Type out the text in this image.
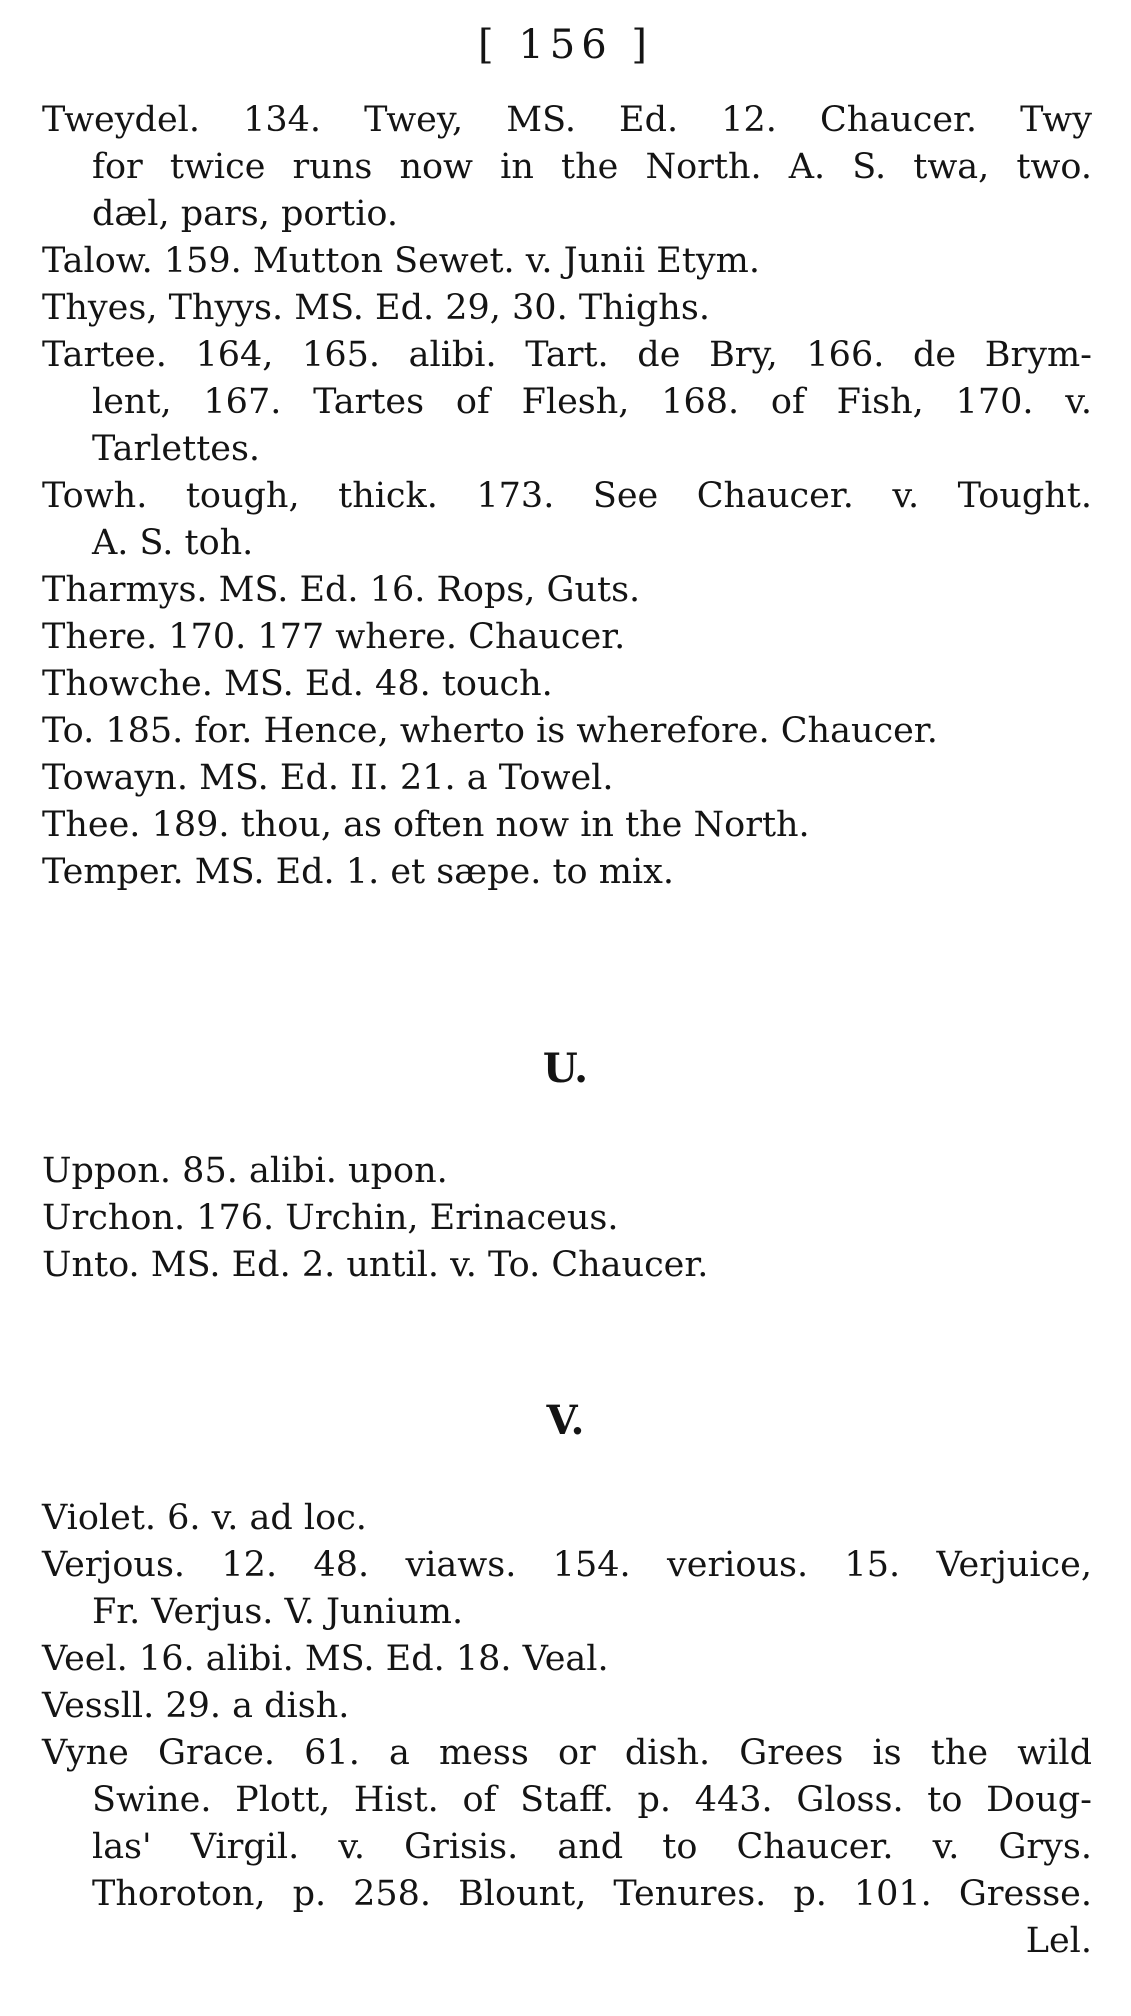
[ 156 ]
Tweydel. 134. Twey, MS. Ed. 12. Chaucer. Twy
for twice runs now in the North. A. S. twa, two.
dæl, pars, portio.
Talow. 159. Mutton Sewet. v. Junii Etym.
Thyes, Thyys. MS. Ed. 29, 30. Thighs.
Tartee. 164, 165. alibi. Tart. de Bry, 166. de Brym-
lent, 167. Tartes of Flesh, 168. of Fish, 170. v.
Tarlettes.
Towh. tough, thick. 173. See Chaucer. v. Tought.
A. S. toh.
Tharmys. MS. Ed. 16. Rops, Guts.
There. 170. 177 where. Chaucer.
Thowche. MS. Ed. 48. touch.
To. 185. for. Hence, wherto is wherefore. Chaucer.
Towayn. MS. Ed. II. 21. a Towel.
Thee. 189. thou, as often now in the North.
Temper. MS. Ed. 1. et sæpe. to mix.
U.
Uppon. 85. alibi. upon.
Urchon. 176. Urchin, Erinaceus.
Unto. MS. Ed. 2. until. v. To. Chaucer.
V.
Violet. 6. v. ad loc.
Verjous. 12. 48. viaws. 154. verious. 15. Verjuice,
Fr. Verjus. V. Junium.
Veel. 16. alibi. MS. Ed. 18. Veal.
Vessll. 29. a dish.
Vyne Grace. 61. a mess or dish. Grees is the wild
Swine. Plott, Hist. of Staff. p. 443. Gloss. to Doug-
las' Virgil. v. Grisis. and to Chaucer. v. Grys.
Thoroton, p. 258. Blount, Tenures. p. 101. Gresse.
Lel.
